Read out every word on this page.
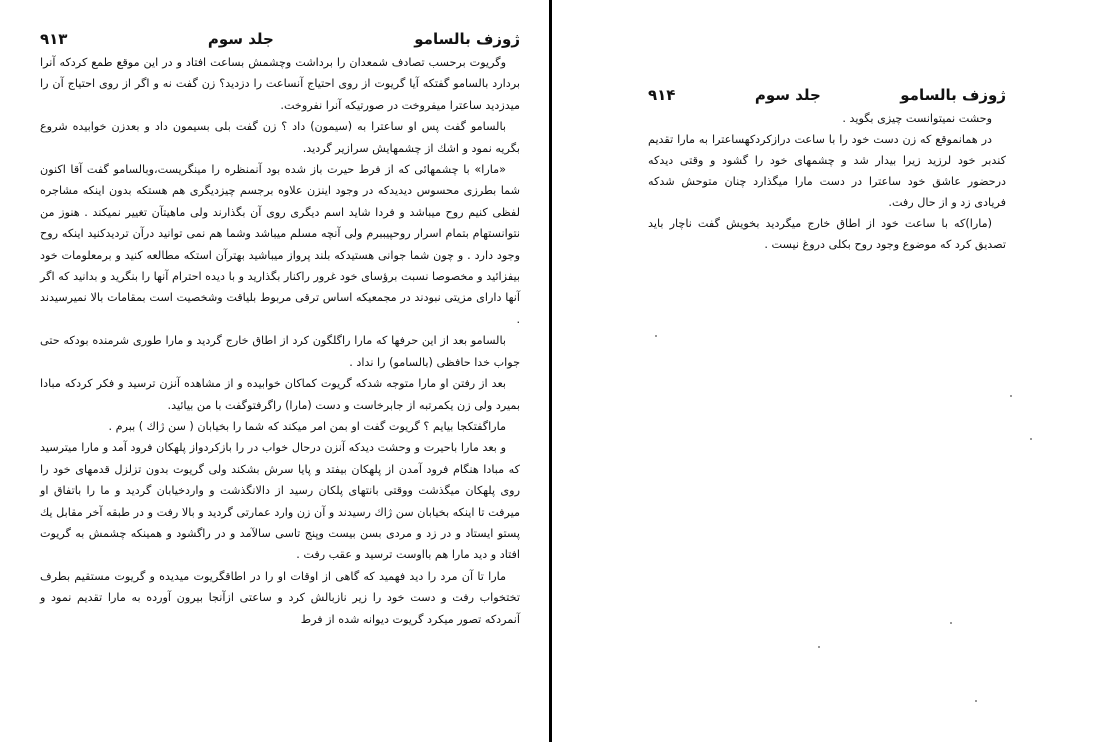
ژوزف بالسامو
جلد سوم
۹۱۳

وگریوت برحسب تصادف شمعدان را برداشت وچشمش بساعت افتاد و در این موقع طمع کردکه آنرا بردارد بالسامو گفتکه آیا گریوت از روی احتیاج آنساعت را دزدید؟ زن گفت نه و اگر از روی احتیاج آن را میدزدید ساعترا میفروخت در صورتیکه آنرا نفروخت.

بالسامو گفت پس او ساعترا به (سیمون) داد ؟ زن گفت بلی بسیمون داد و بعدزن خوابیده شروع بگریه نمود و اشك از چشمهایش سرازیر گردید.

«مارا» با چشمهائی که از فرط حیرت باز شده بود آنمنظره را مینگریست،وبالسامو گفت آقا اکنون شما بطرزی محسوس دیدیدکه در وجود اینزن علاوه برجسم چیزدیگری هم هستکه بدون اینکه مشاجره لفظی کنیم روح میباشد و فردا شاید اسم دیگری روی آن بگذارند ولی ماهیتآن تغییر نمیکند . هنوز من نتوانستهام بتمام اسرار روحپیببرم ولی آنچه مسلم میباشد وشما هم نمی توانید درآن تردیدکنید اینکه روح وجود دارد . و چون شما جوانی هستیدکه بلند پرواز میباشید بهترآن استکه مطالعه کنید و برمعلومات خود بیفزائید و مخصوصا نسبت برؤسای خود غرور راکنار بگذارید و با دیده احترام آنها را بنگرید و بدانید که اگر آنها دارای مزیتی نبودند در مجمعیکه اساس ترقی مربوط بلیاقت وشخصیت است بمقامات بالا نمیرسیدند .

بالسامو بعد از این حرفها که مارا راگلگون کرد از اطاق خارج گردید و مارا طوری شرمنده بودکه حتی جواب خدا حافظی (بالسامو) را نداد .

بعد از رفتن او مارا متوجه شدکه گریوت کماکان خوابیده و از مشاهده آنزن ترسید و فکر کردکه مبادا بمیرد ولی زن یکمرتبه از جابرخاست و دست (مارا) راگرفتوگفت با من بیائید.

ماراگفتکجا بیایم ؟ گریوت گفت او بمن امر میکند که شما را بخیابان ( سن ژاك ) ببرم .

و بعد مارا باحیرت و وحشت دیدکه آنزن درحال خواب در را بازکردواز پلهکان فرود آمد و مارا میترسید که مبادا هنگام فرود آمدن از پلهکان بیفتد و پایا سرش بشکند ولی گریوت بدون تزلزل قدمهای خود را روی پلهکان میگذشت ووقتی بانتهای پلکان رسید از دالانگذشت و واردخیابان گردید و ما را باتفاق او میرفت تا اینکه بخیابان سن ژاك رسیدند و آن زن وارد عمارتی گردید و بالا رفت و در طبقه آخر مقابل یك پستو ایستاد و در زد و مردی بسن بیست وپنج تاسی سالآمد و در راگشود و همینکه چشمش به گریوت افتاد و دید مارا هم بااوست ترسید و عقب رفت .

مارا تا آن مرد را دید فهمید که گاهی از اوقات او را در اطاقگریوت میدیده و گریوت مستقیم بطرف تختخواب رفت و دست خود را زیر نازبالش کرد و ساعتی ازآنجا بیرون آورده به مارا تقدیم نمود و آنمردکه تصور میکرد گریوت دیوانه شده از فرط

ژوزف بالسامو
جلد سوم
۹۱۴

وحشت نمیتوانست چیزی بگوید .

در همانموقع که زن دست خود را با ساعت درازکردکهساعترا به مارا تقدیم کندبر خود لرزید زیرا بیدار شد و چشمهای خود را گشود و وقتی دیدکه درحضور عاشق خود ساعترا در دست مارا میگذارد چنان متوحش شدکه فریادی زد و از حال رفت.

(مارا)که با ساعت خود از اطاق خارج میگردید بخویش گفت ناچار باید تصدیق کرد که موضوع وجود روح بکلی دروغ نیست .
